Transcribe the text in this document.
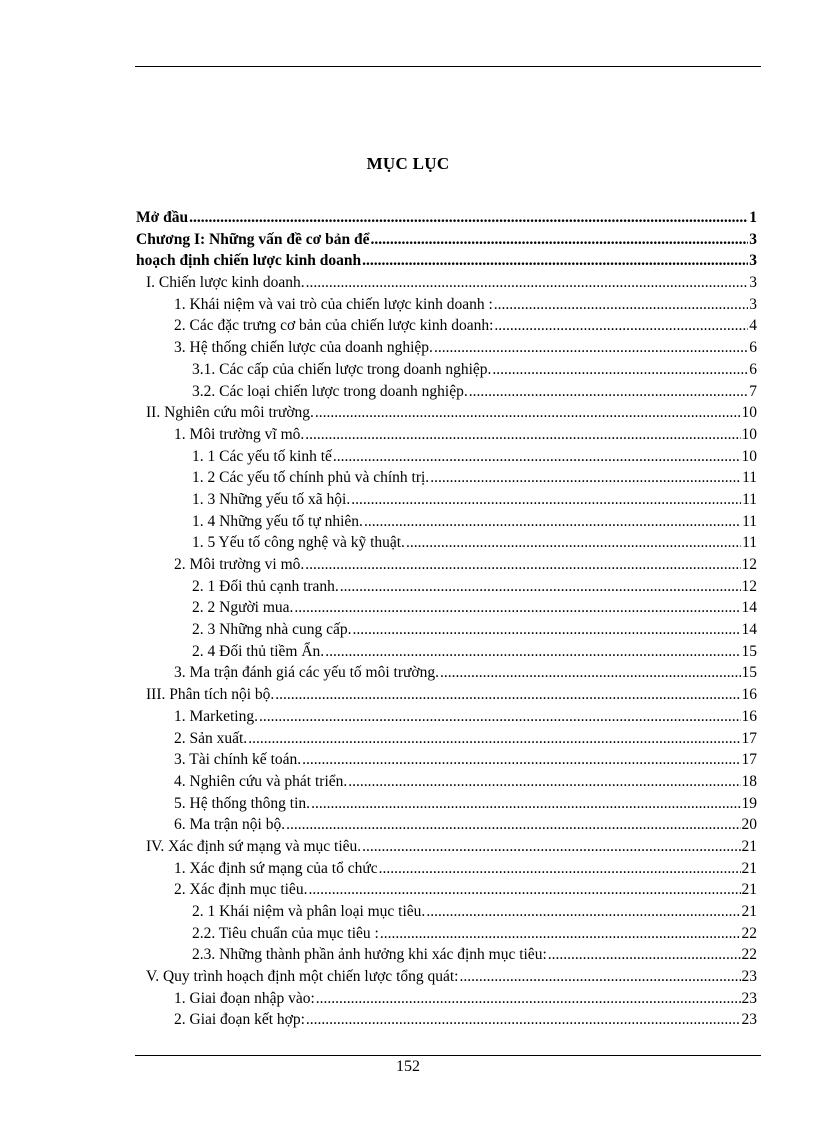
MỤC LỤC
Mở đầu .....	1
Chương I: Những vấn đề cơ bản để .....	3
hoạch định chiến lược kinh doanh .....	3
I. Chiến lược kinh doanh. .....	3
1. Khái niệm và vai trò của chiến lược kinh doanh : .....	3
2. Các đặc trưng cơ bản của chiến lược kinh doanh: .....	4
3. Hệ thống chiến lược của doanh nghiệp. .....	6
3.1. Các cấp của chiến lược trong doanh nghiệp. .....	6
3.2. Các loại chiến lược trong doanh nghiệp. .....	7
II. Nghiên cứu môi trường. .....	10
1. Môi trường vĩ mô. .....	10
1. 1 Các yếu tố kinh tế .....	10
1. 2 Các yếu tố chính phủ và chính trị. .....	11
1. 3 Những yếu tố xã hội. .....	11
1. 4 Những yếu tố tự nhiên. .....	11
1. 5 Yếu tố công nghệ và kỹ thuật. .....	11
2. Môi trường vi mô. .....	12
2. 1 Đối thủ cạnh tranh. .....	12
2. 2 Người mua. .....	14
2. 3 Những nhà cung cấp. .....	14
2. 4 Đối thủ tiềm Ẩn. .....	15
3. Ma trận đánh giá các yếu tố môi trường. .....	15
III. Phân tích nội bộ. .....	16
1. Marketing. .....	16
2. Sản xuất. .....	17
3. Tài chính kế toán. .....	17
4. Nghiên cứu và phát triển. .....	18
5. Hệ thống thông tin. .....	19
6. Ma trận nội bộ. .....	20
IV. Xác định sứ mạng và mục tiêu. .....	21
1. Xác định sứ mạng của tổ chức .....	21
2. Xác định mục tiêu. .....	21
2. 1 Khái niệm và phân loại mục tiêu. .....	21
2.2. Tiêu chuẩn của mục tiêu : .....	22
2.3. Những thành phần ảnh hưởng khi xác định mục tiêu: .....	22
V. Quy trình hoạch định một chiến lược tổng quát: .....	23
1. Giai đoạn nhập vào: .....	23
2. Giai đoạn kết hợp: .....	23
152
